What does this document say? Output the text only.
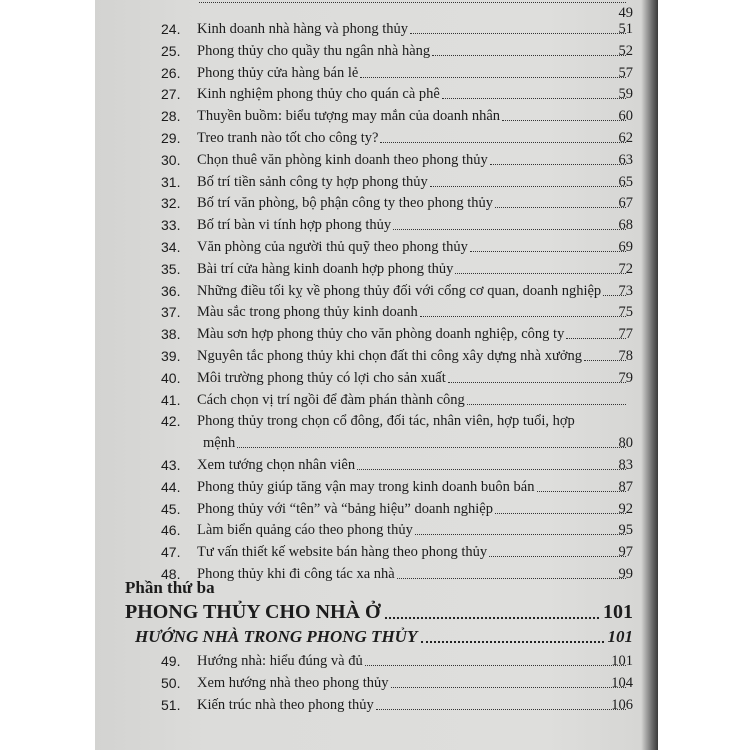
49
Phần thứ ba
PHONG THỦY CHO NHÀ Ở	101
HƯỚNG NHÀ TRONG PHONG THỦY	101
24. Kinh doanh nhà hàng và phong thủy	51
25. Phong thủy cho quầy thu ngân nhà hàng	52
26. Phong thủy cửa hàng bán lẻ	57
27. Kinh nghiệm phong thủy cho quán cà phê	59
28. Thuyền buồm: biểu tượng may mắn của doanh nhân	60
29. Treo tranh nào tốt cho công ty?	62
30. Chọn thuê văn phòng kinh doanh theo phong thủy	63
31. Bố trí tiền sảnh công ty hợp phong thủy	65
32. Bố trí văn phòng, bộ phận công ty theo phong thủy	67
33. Bố trí bàn vi tính hợp phong thủy	68
34. Văn phòng của người thủ quỹ theo phong thủy	69
35. Bài trí cửa hàng kinh doanh hợp phong thủy	72
36. Những điều tối kỵ về phong thủy đối với cổng cơ quan, doanh nghiệp 73
37. Màu sắc trong phong thủy kinh doanh	75
38. Màu sơn hợp phong thủy cho văn phòng doanh nghiệp, công ty	77
39. Nguyên tắc phong thủy khi chọn đất thi công xây dựng nhà xưởng	78
40. Môi trường phong thủy có lợi cho sản xuất	79
41. Cách chọn vị trí ngồi để đàm phán thành công
42. Phong thủy trong chọn cổ đông, đối tác, nhân viên, hợp tuổi, hợp
mệnh	80
43. Xem tướng chọn nhân viên	83
44. Phong thủy giúp tăng vận may trong kinh doanh buôn bán	87
45. Phong thủy với “tên” và “bảng hiệu” doanh nghiệp	92
46. Làm biển quảng cáo theo phong thủy	95
47. Tư vấn thiết kế website bán hàng theo phong thủy	97
48. Phong thủy khi đi công tác xa nhà	99
49. Hướng nhà: hiểu đúng và đủ	101
50. Xem hướng nhà theo phong thủy	104
51. Kiến trúc nhà theo phong thủy	106
